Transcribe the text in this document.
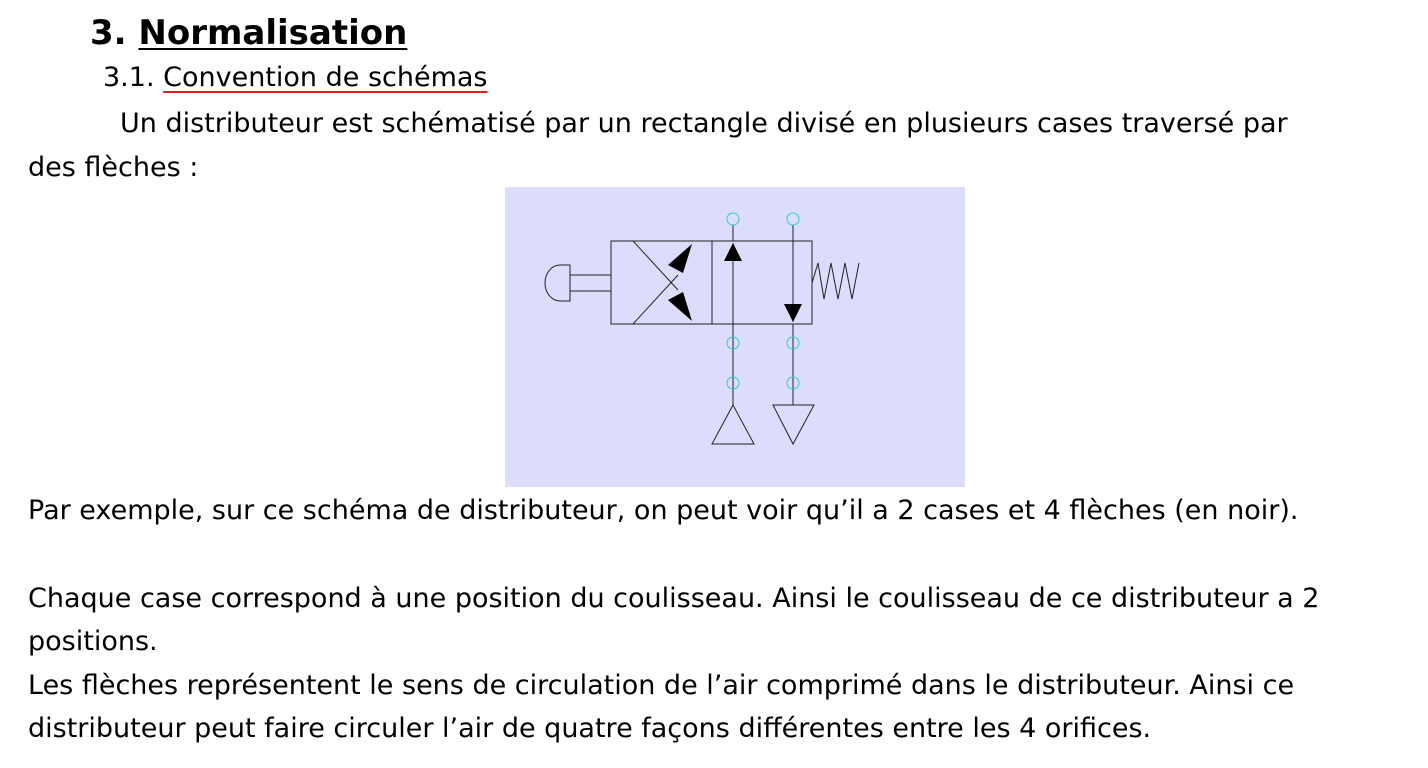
3. Normalisation
3.1. Convention de schémas
Un distributeur est schématisé par un rectangle divisé en plusieurs cases traversé par
des flèches :
Par exemple, sur ce schéma de distributeur, on peut voir qu’il a 2 cases et 4 flèches (en noir).
Chaque case correspond à une position du coulisseau. Ainsi le coulisseau de ce distributeur a 2
positions.
Les flèches représentent le sens de circulation de l’air comprimé dans le distributeur. Ainsi ce
distributeur peut faire circuler l’air de quatre façons différentes entre les 4 orifices.
